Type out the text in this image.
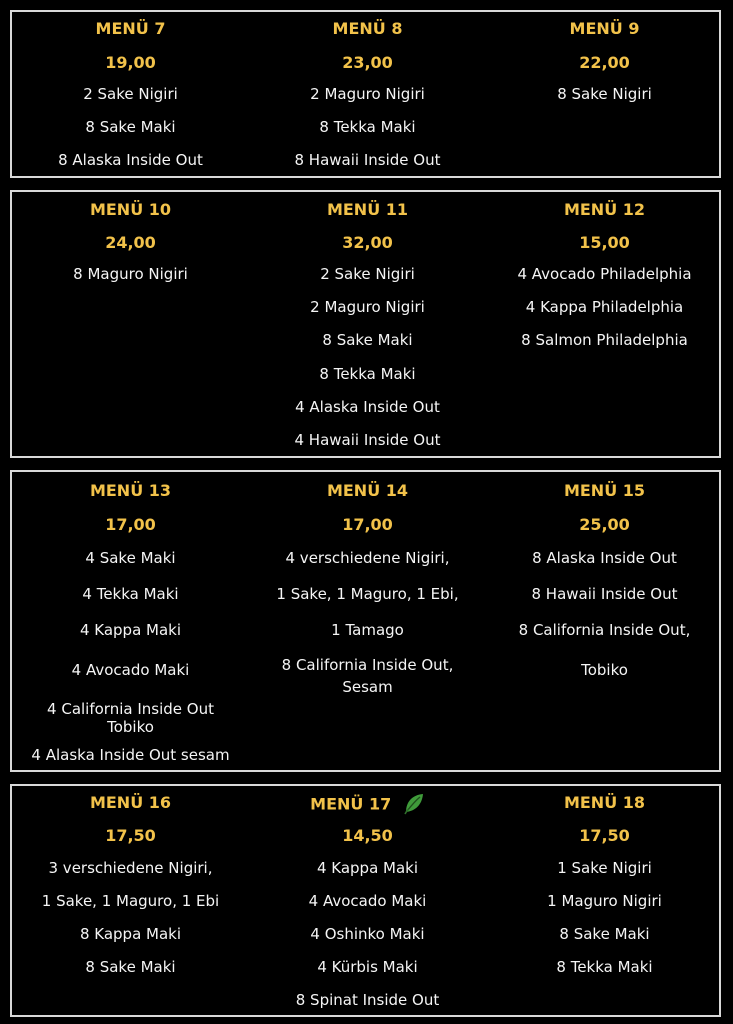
MENÜ 7
19,00
2 Sake Nigiri
8 Sake Maki
8 Alaska Inside Out
MENÜ 8
23,00
2 Maguro Nigiri
8 Tekka Maki
8 Hawaii Inside Out
MENÜ 9
22,00
8 Sake Nigiri
MENÜ 10
24,00
8 Maguro Nigiri
MENÜ 11
32,00
2 Sake Nigiri
2 Maguro Nigiri
8 Sake Maki
8 Tekka Maki
4 Alaska Inside Out
4 Hawaii Inside Out
MENÜ 12
15,00
4 Avocado Philadelphia
4 Kappa Philadelphia
8 Salmon Philadelphia
MENÜ 13
17,00
4 Sake Maki
4 Tekka Maki
4 Kappa Maki
4 Avocado Maki
4 California Inside Out
Tobiko
4 Alaska Inside Out sesam
MENÜ 14
17,00
4 verschiedene Nigiri,
1 Sake, 1 Maguro, 1 Ebi,
1 Tamago
8 California Inside Out,
Sesam
MENÜ 15
25,00
8 Alaska Inside Out
8 Hawaii Inside Out
8 California Inside Out,
Tobiko
MENÜ 16
17,50
3 verschiedene Nigiri,
1 Sake, 1 Maguro, 1 Ebi
8 Kappa Maki
8 Sake Maki
MENÜ 17
14,50
4 Kappa Maki
4 Avocado Maki
4 Oshinko Maki
4 Kürbis Maki
8 Spinat Inside Out
MENÜ 18
17,50
1 Sake Nigiri
1 Maguro Nigiri
8 Sake Maki
8 Tekka Maki
